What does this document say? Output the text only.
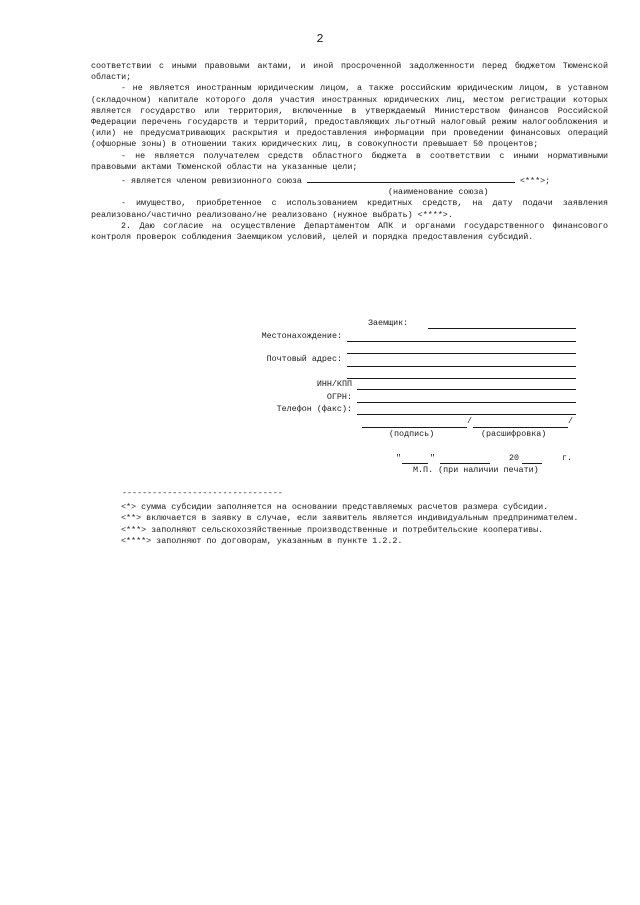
2

соответствии с иными правовыми актами, и иной просроченной задолженности перед бюджетом Тюменской области;

- не является иностранным юридическим лицом, а также российским юридическим лицом, в уставном (складочном) капитале которого доля участия иностранных юридических лиц, местом регистрации которых является государство или территория, включенные в утверждаемый Министерством финансов Российской Федерации перечень государств и территорий, предоставляющих льготный налоговый режим налогообложения и (или) не предусматривающих раскрытия и предоставления информации при проведении финансовых операций (офшорные зоны) в отношении таких юридических лиц, в совокупности превышает 50 процентов;

- не является получателем средств областного бюджета в соответствии с иными нормативными правовыми актами Тюменской области на указанные цели;

- является членом ревизионного союза	<***>;

(наименование союза)

- имущество, приобретенное с использованием кредитных средств, на дату подачи заявления реализовано/частично реализовано/не реализовано (нужное выбрать) <****>.

2. Даю согласие на осуществление Департаментом АПК и органами государственного финансового контроля проверок соблюдения Заемщиком условий, целей и порядка предоставления субсидий.

Заемщик:
Местонахождение:
Почтовый адрес:
ИНН/КПП
ОГРН:
Телефон (факс):
/	/
(подпись)	(расшифровка)
"	"	20	г.
М.П. (при наличии печати)

--------------------------------

<*> сумма субсидии заполняется на основании представляемых расчетов размера субсидии.

<**> включается в заявку в случае, если заявитель является индивидуальным предпринимателем.

<***> заполняют сельскохозяйственные производственные и потребительские кооперативы.

<****> заполняют по договорам, указанным в пункте 1.2.2.
